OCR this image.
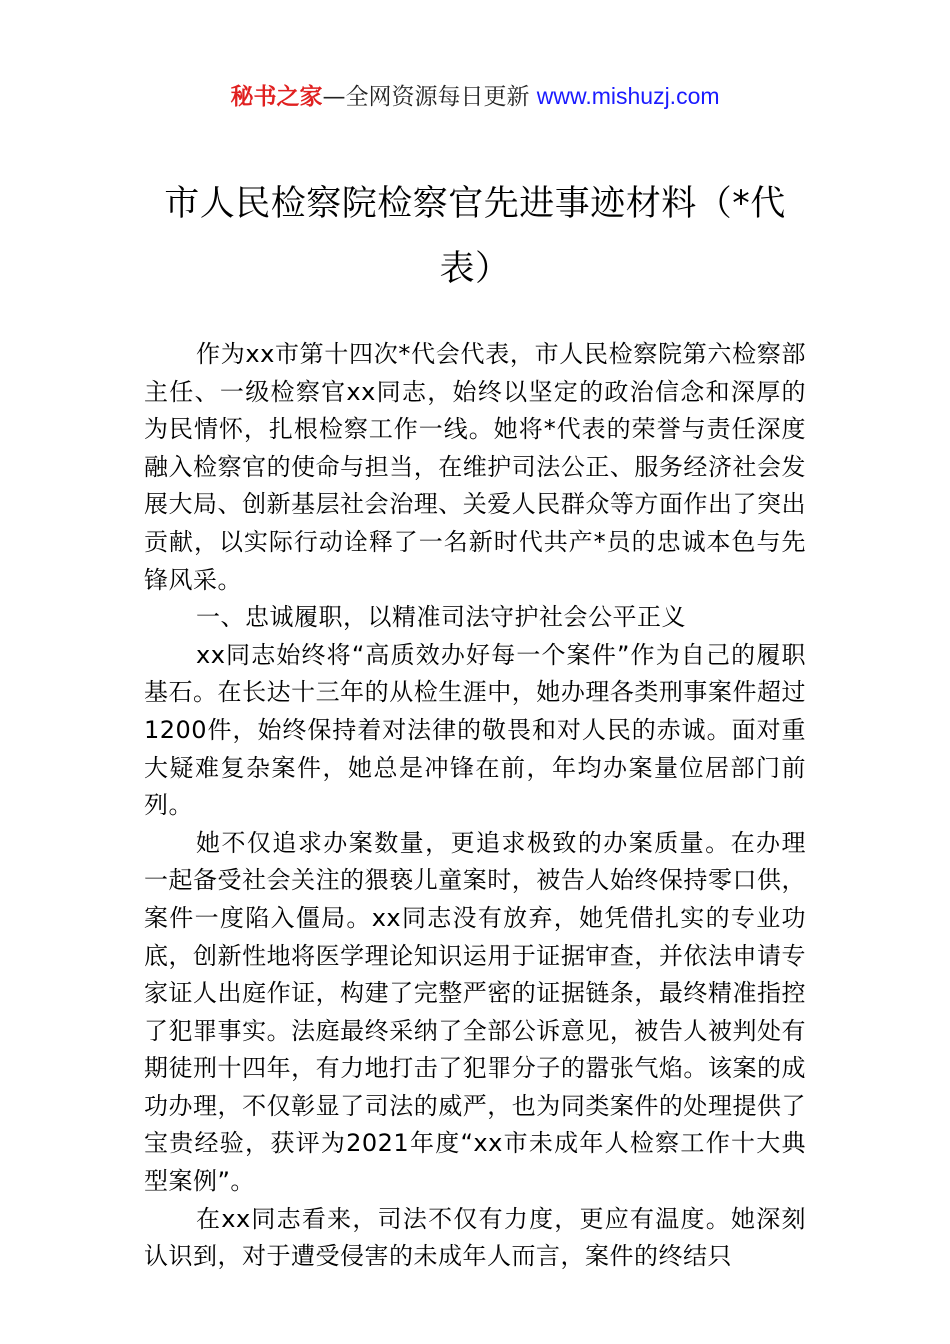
秘书之家—全网资源每日更新 www.mishuzj.com
市人民检察院检察官先进事迹材料（*代表）

作为xx市第十四次*代会代表，市人民检察院第六检察部主任、一级检察官xx同志，始终以坚定的政治信念和深厚的为民情怀，扎根检察工作一线。她将*代表的荣誉与责任深度融入检察官的使命与担当，在维护司法公正、服务经济社会发展大局、创新基层社会治理、关爱人民群众等方面作出了突出贡献，以实际行动诠释了一名新时代共产*员的忠诚本色与先锋风采。

一、忠诚履职，以精准司法守护社会公平正义

xx同志始终将“高质效办好每一个案件”作为自己的履职基石。在长达十三年的从检生涯中，她办理各类刑事案件超过1200件，始终保持着对法律的敬畏和对人民的赤诚。面对重大疑难复杂案件，她总是冲锋在前，年均办案量位居部门前列。

她不仅追求办案数量，更追求极致的办案质量。在办理一起备受社会关注的猥亵儿童案时，被告人始终保持零口供，案件一度陷入僵局。xx同志没有放弃，她凭借扎实的专业功底，创新性地将医学理论知识运用于证据审查，并依法申请专家证人出庭作证，构建了完整严密的证据链条，最终精准指控了犯罪事实。法庭最终采纳了全部公诉意见，被告人被判处有期徒刑十四年，有力地打击了犯罪分子的嚣张气焰。该案的成功办理，不仅彰显了司法的威严，也为同类案件的处理提供了宝贵经验，获评为2021年度“xx市未成年人检察工作十大典型案例”。

在xx同志看来，司法不仅有力度，更应有温度。她深刻认识到，对于遭受侵害的未成年人而言，案件的终结只
